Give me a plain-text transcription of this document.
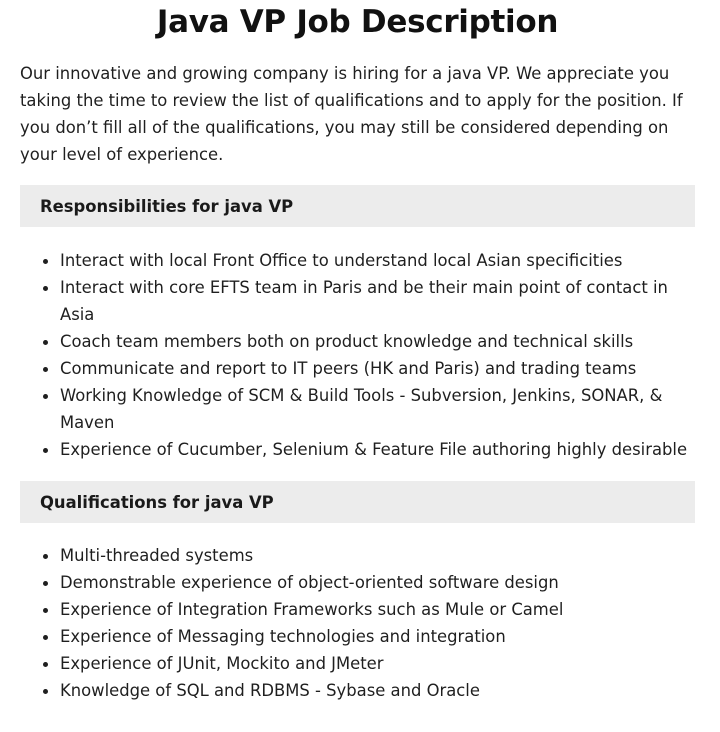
Java VP Job Description

Our innovative and growing company is hiring for a java VP. We appreciate you taking the time to review the list of qualifications and to apply for the position. If you don’t fill all of the qualifications, you may still be considered depending on your level of experience.

Responsibilities for java VP
Interact with local Front Office to understand local Asian specificities
Interact with core EFTS team in Paris and be their main point of contact in Asia
Coach team members both on product knowledge and technical skills
Communicate and report to IT peers (HK and Paris) and trading teams
Working Knowledge of SCM & Build Tools - Subversion, Jenkins, SONAR, & Maven
Experience of Cucumber, Selenium & Feature File authoring highly desirable
Qualifications for java VP
Multi-threaded systems
Demonstrable experience of object-oriented software design
Experience of Integration Frameworks such as Mule or Camel
Experience of Messaging technologies and integration
Experience of JUnit, Mockito and JMeter
Knowledge of SQL and RDBMS - Sybase and Oracle
